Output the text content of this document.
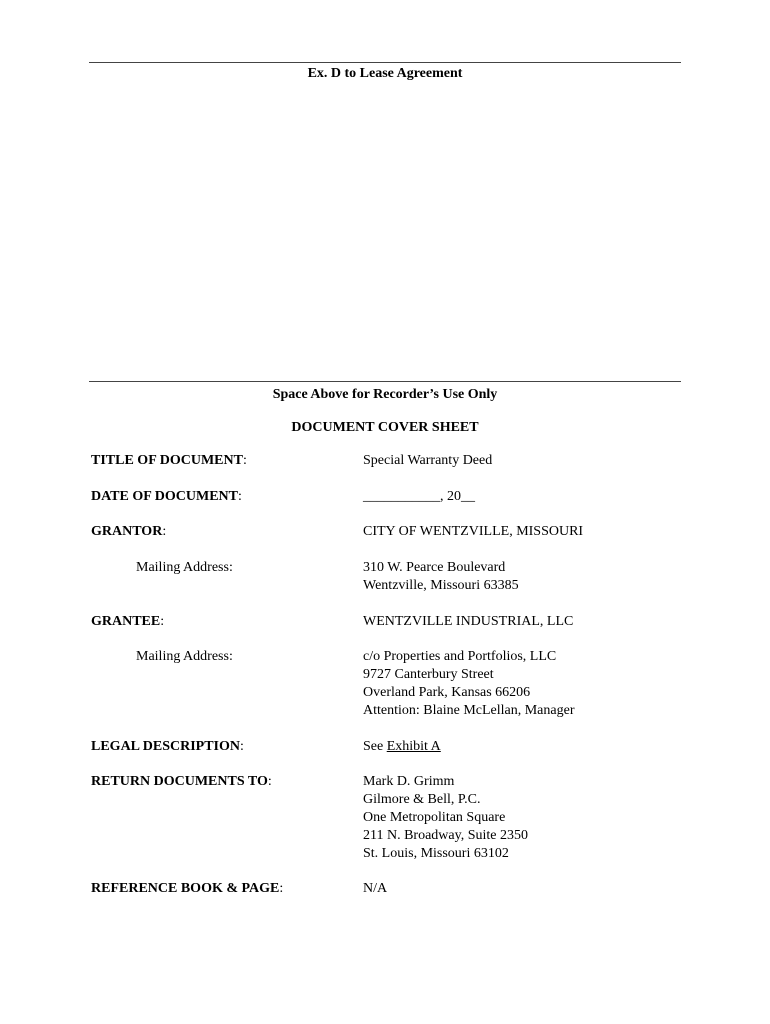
Ex. D to Lease Agreement
Space Above for Recorder’s Use Only
DOCUMENT COVER SHEET
TITLE OF DOCUMENT:	Special Warranty Deed
DATE OF DOCUMENT:	___________, 20__
GRANTOR:	CITY OF WENTZVILLE, MISSOURI
Mailing Address:	310 W. Pearce Boulevard
Wentzville, Missouri 63385
GRANTEE:	WENTZVILLE INDUSTRIAL, LLC
Mailing Address:	c/o Properties and Portfolios, LLC
9727 Canterbury Street
Overland Park, Kansas 66206
Attention: Blaine McLellan, Manager
LEGAL DESCRIPTION:	See Exhibit A
RETURN DOCUMENTS TO:	Mark D. Grimm
Gilmore & Bell, P.C.
One Metropolitan Square
211 N. Broadway, Suite 2350
St. Louis, Missouri 63102
REFERENCE BOOK & PAGE:	N/A
